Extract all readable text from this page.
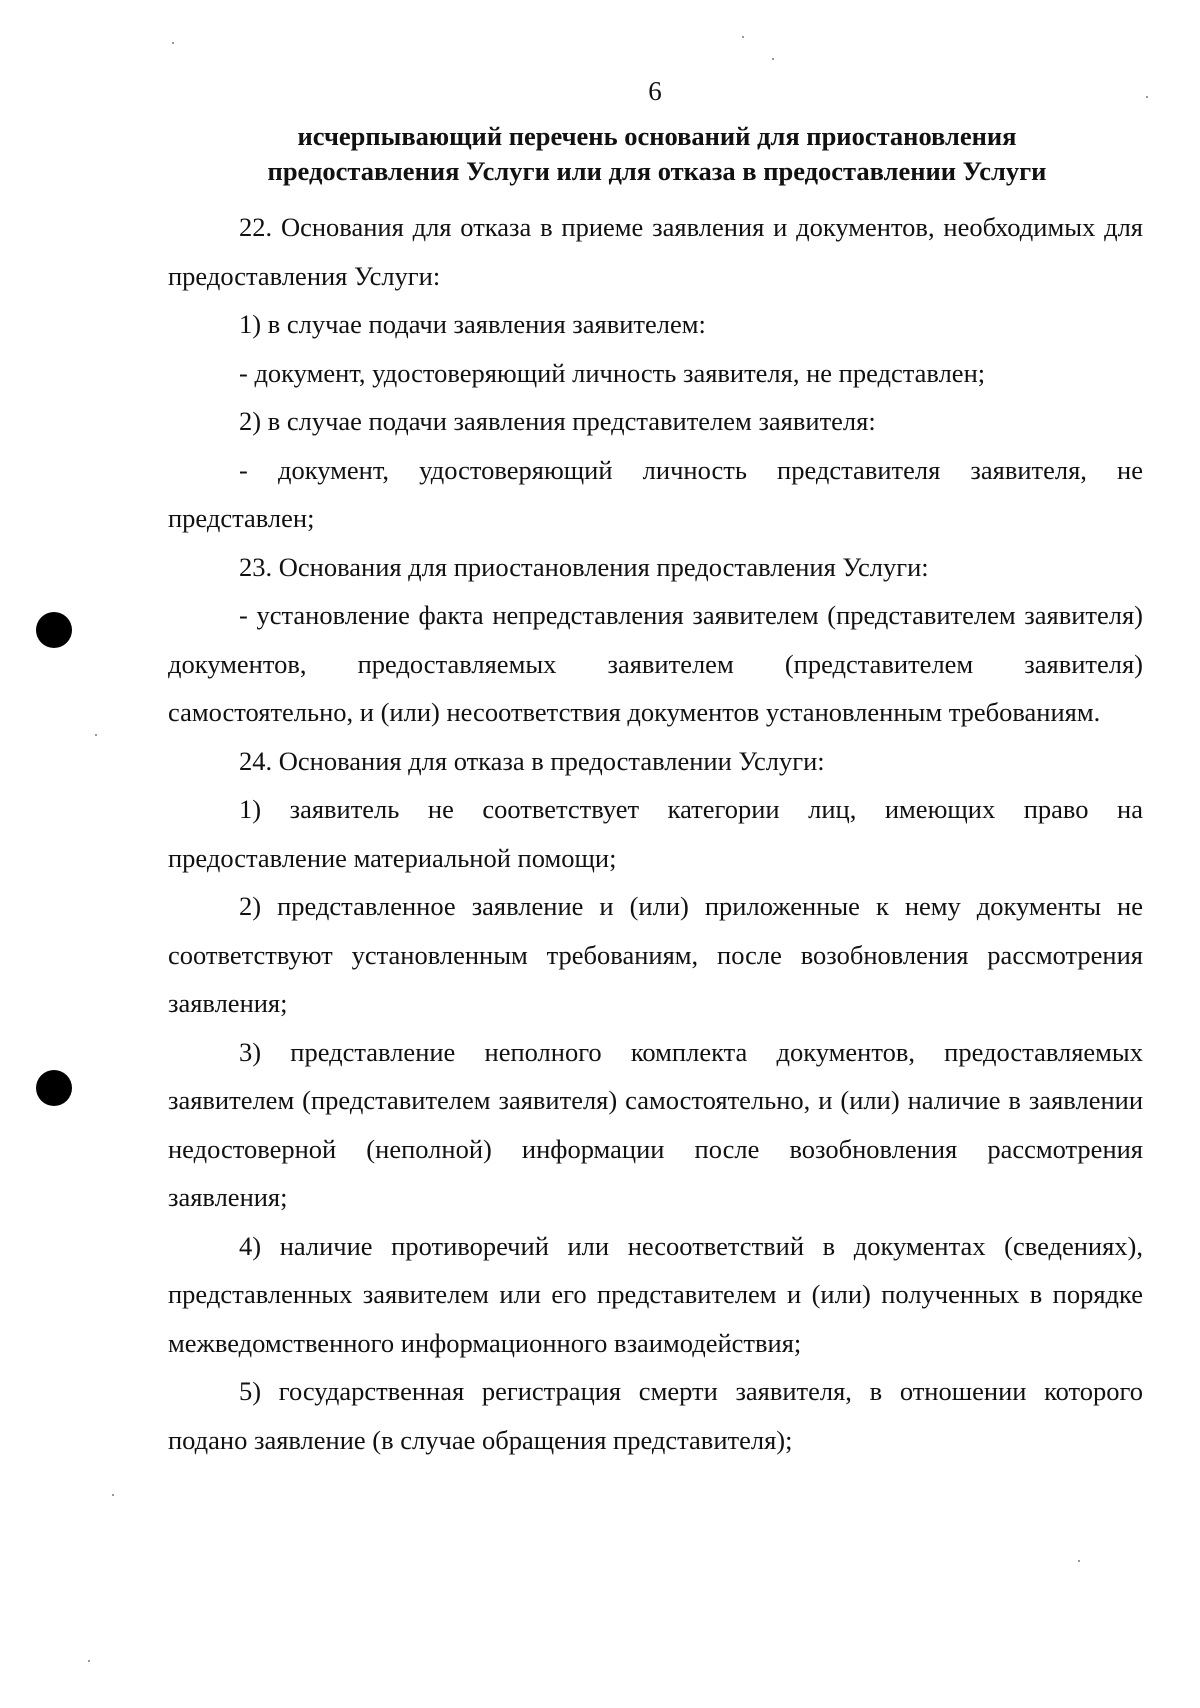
6
исчерпывающий перечень оснований для приостановления
предоставления Услуги или для отказа в предоставлении Услуги

22. Основания для отказа в приеме заявления и документов, необходимых для предоставления Услуги:

1) в случае подачи заявления заявителем:

- документ, удостоверяющий личность заявителя, не представлен;

2) в случае подачи заявления представителем заявителя:

- документ, удостоверяющий личность представителя заявителя, не представлен;

23. Основания для приостановления предоставления Услуги:

- установление факта непредставления заявителем (представителем заявителя) документов, предоставляемых заявителем (представителем заявителя) самостоятельно, и (или) несоответствия документов установленным требованиям.

24. Основания для отказа в предоставлении Услуги:

1) заявитель не соответствует категории лиц, имеющих право на предоставление материальной помощи;

2) представленное заявление и (или) приложенные к нему документы не соответствуют установленным требованиям, после возобновления рассмотрения заявления;

3) представление неполного комплекта документов, предоставляемых заявителем (представителем заявителя) самостоятельно, и (или) наличие в заявлении недостоверной (неполной) информации после возобновления рассмотрения заявления;

4) наличие противоречий или несоответствий в документах (сведениях), представленных заявителем или его представителем и (или) полученных в порядке межведомственного информационного взаимодействия;

5) государственная регистрация смерти заявителя, в отношении которого подано заявление (в случае обращения представителя);
